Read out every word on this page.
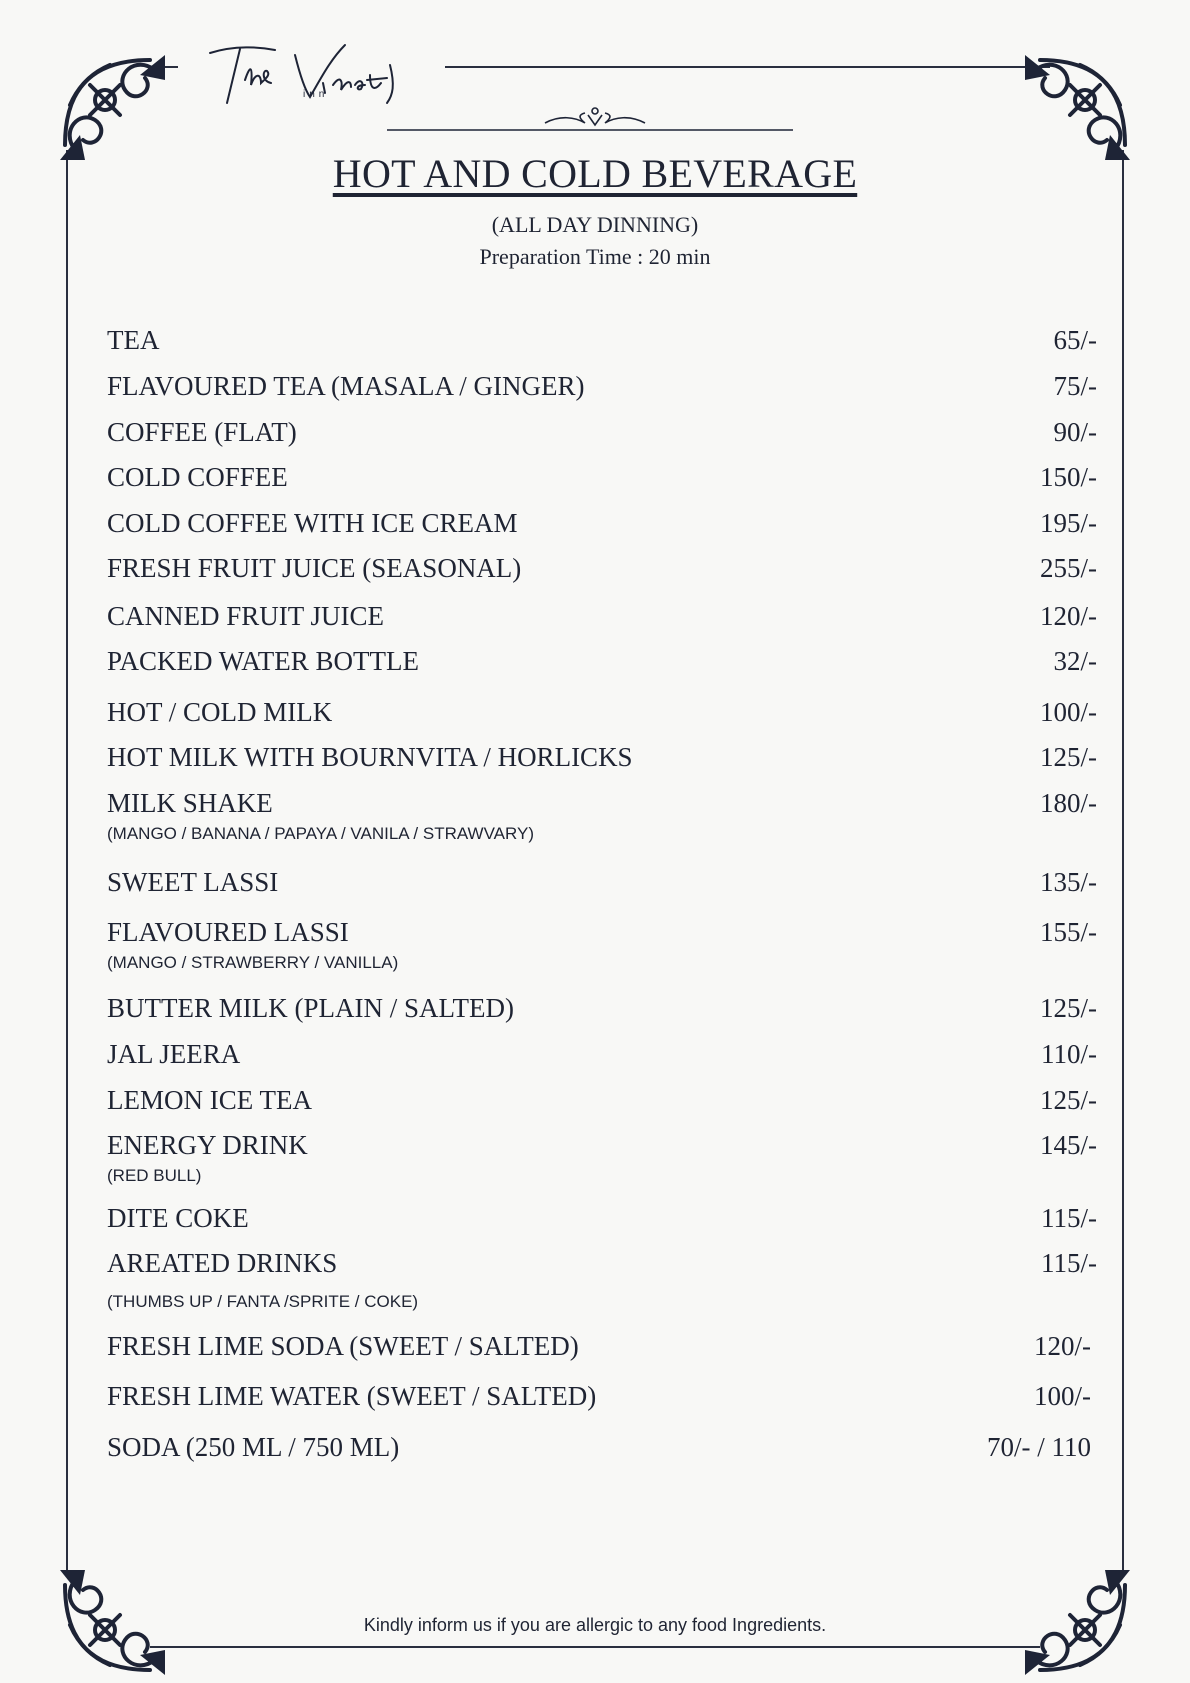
inn
HOT AND COLD BEVERAGE
(ALL DAY DINNING)
Preparation Time : 20 min
TEA	65/-
FLAVOURED TEA (MASALA / GINGER)	75/-
COFFEE (FLAT)	90/-
COLD COFFEE	150/-
COLD COFFEE WITH ICE CREAM	195/-
FRESH FRUIT JUICE (SEASONAL)	255/-
CANNED FRUIT JUICE	120/-
PACKED WATER BOTTLE	32/-
HOT / COLD MILK	100/-
HOT MILK WITH BOURNVITA / HORLICKS	125/-
MILK SHAKE	180/-
(MANGO / BANANA / PAPAYA / VANILA / STRAWVARY)
SWEET LASSI	135/-
FLAVOURED LASSI	155/-
(MANGO / STRAWBERRY / VANILLA)
BUTTER MILK (PLAIN / SALTED)	125/-
JAL JEERA	110/-
LEMON ICE TEA	125/-
ENERGY DRINK	145/-
(RED BULL)
DITE COKE	115/-
AREATED DRINKS	115/-
(THUMBS UP / FANTA /SPRITE / COKE)
FRESH LIME SODA (SWEET / SALTED)	120/-
FRESH LIME WATER (SWEET / SALTED)	100/-
SODA (250 ML / 750 ML)	70/- / 110
Kindly inform us if you are allergic to any food Ingredients.
